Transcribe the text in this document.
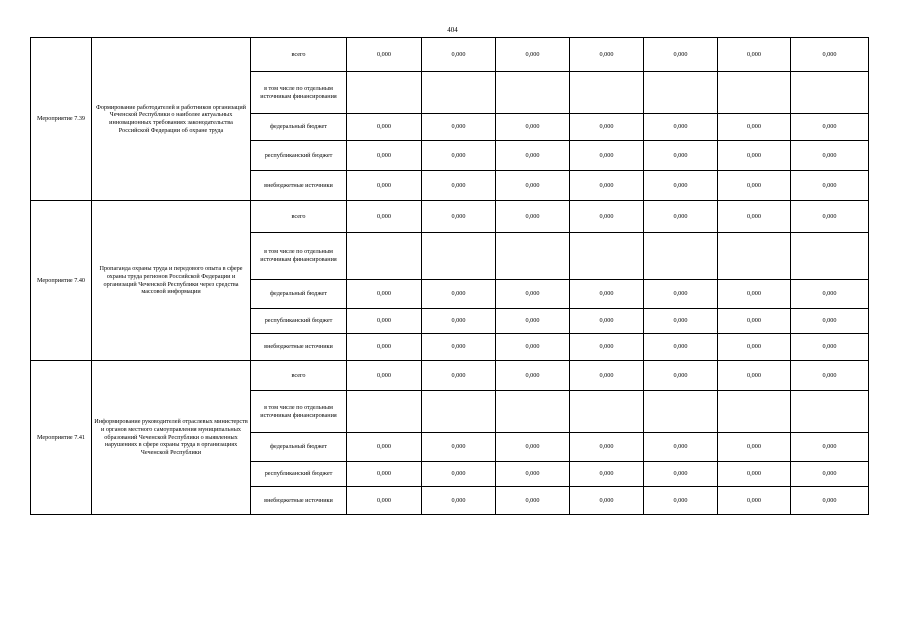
404
Мероприятие 7.39	Формирование работодателей и работников организаций Чеченской Республики о наиболее актуальных инновационных требованиях законодательства Российской Федерации об охране труда	всего	0,000	0,000	0,000	0,000	0,000	0,000	0,000
		в том числе по отдельным источникам финансирования							
		федеральный бюджет	0,000	0,000	0,000	0,000	0,000	0,000	0,000
		республиканский бюджет	0,000	0,000	0,000	0,000	0,000	0,000	0,000
		внебюджетные источники	0,000	0,000	0,000	0,000	0,000	0,000	0,000
Мероприятие 7.40	Пропаганда охраны труда и передового опыта в сфере охраны труда регионов Российской Федерации и организаций Чеченской Республики через средства массовой информации	всего	0,000	0,000	0,000	0,000	0,000	0,000	0,000
		в том числе по отдельным источникам финансирования							
		федеральный бюджет	0,000	0,000	0,000	0,000	0,000	0,000	0,000
		республиканский бюджет	0,000	0,000	0,000	0,000	0,000	0,000	0,000
		внебюджетные источники	0,000	0,000	0,000	0,000	0,000	0,000	0,000
Мероприятие 7.41	Информирование руководителей отраслевых министерств и органов местного самоуправления муниципальных образований Чеченской Республики о выявленных нарушениях в сфере охраны труда в организациях Чеченской Республики	всего	0,000	0,000	0,000	0,000	0,000	0,000	0,000
		в том числе по отдельным источникам финансирования							
		федеральный бюджет	0,000	0,000	0,000	0,000	0,000	0,000	0,000
		республиканский бюджет	0,000	0,000	0,000	0,000	0,000	0,000	0,000
		внебюджетные источники	0,000	0,000	0,000	0,000	0,000	0,000	0,000
